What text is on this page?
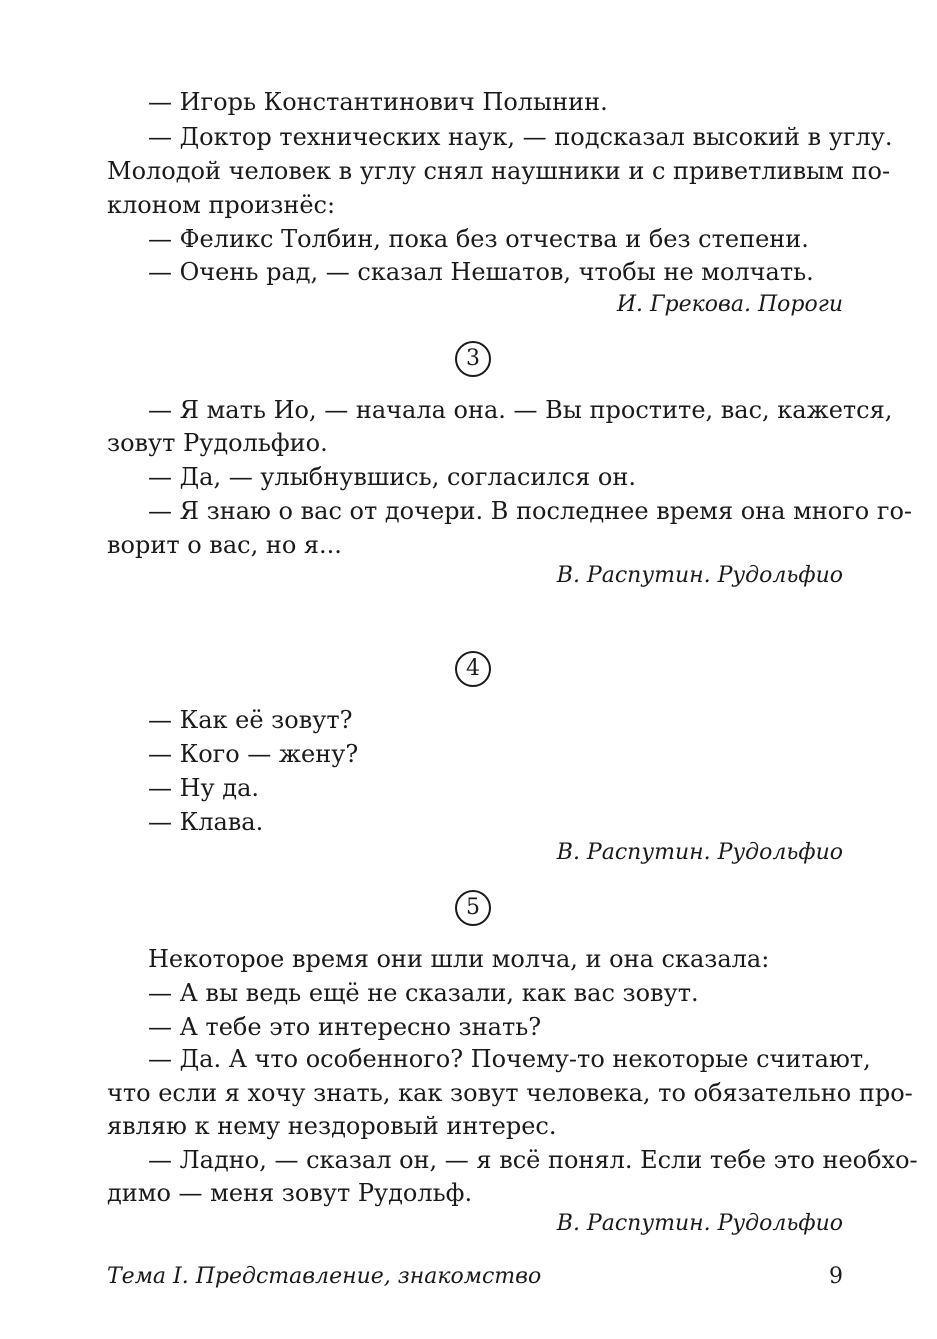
— Игорь Константинович Полынин.
— Доктор технических наук, — подсказал высокий в углу.
Молодой человек в углу снял наушники и с приветливым по-
клоном произнёс:
— Феликс Толбин, пока без отчества и без степени.
— Очень рад, — сказал Нешатов, чтобы не молчать.
И. Грекова. Пороги
3
— Я мать Ио, — начала она. — Вы простите, вас, кажется,
зовут Рудольфио.
— Да, — улыбнувшись, согласился он.
— Я знаю о вас от дочери. В последнее время она много го-
ворит о вас, но я...
В. Распутин. Рудольфио
4
— Как её зовут?
— Кого — жену?
— Ну да.
— Клава.
В. Распутин. Рудольфио
5
Некоторое время они шли молча, и она сказала:
— А вы ведь ещё не сказали, как вас зовут.
— А тебе это интересно знать?
— Да. А что особенного? Почему-то некоторые считают,
что если я хочу знать, как зовут человека, то обязательно про-
являю к нему нездоровый интерес.
— Ладно, — сказал он, — я всё понял. Если тебе это необхо-
димо — меня зовут Рудольф.
В. Распутин. Рудольфио
Тема I. Представление, знакомство	9
